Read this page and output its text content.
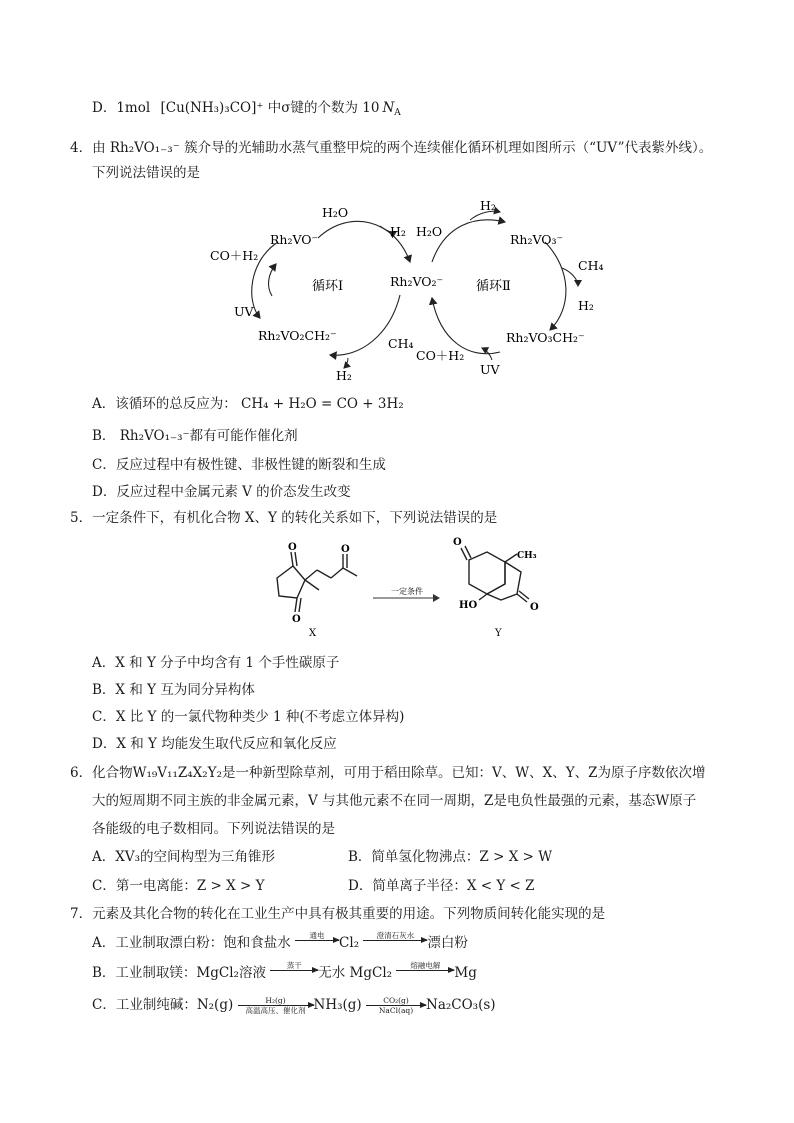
D．1mol [Cu(NH₃)₃CO]⁺ 中σ键的个数为 10 $N_A$
4．由 Rh₂VO₁₋₃⁻ 簇介导的光辅助水蒸气重整甲烷的两个连续催化循环机理如图所示（“UV”代表紫外线）。
下列说法错误的是
Rh₂VO⁻
Rh₂VO₂⁻
Rh₂VO₃⁻
Rh₂VO₂CH₂⁻	Rh₂VO₃CH₂⁻
循环Ⅰ	循环Ⅱ
H₂O
H₂ H₂O
H₂
CO＋H₂
UV
CH₄
H₂
CO＋H₂
UV
CH₄
H₂
A．该循环的总反应为： CH₄ + H₂O = CO + 3H₂
B． Rh₂VO₁₋₃⁻都有可能作催化剂
C．反应过程中有极性键、非极性键的断裂和生成
D．反应过程中金属元素 V 的价态发生改变
5．一定条件下，有机化合物 X、Y 的转化关系如下，下列说法错误的是
O
O
O
X
一定条件
O
CH₃
HO	O
Y
A．X 和 Y 分子中均含有 1 个手性碳原子
B．X 和 Y 互为同分异构体
C．X 比 Y 的一氯代物种类少 1 种(不考虑立体异构)
D．X 和 Y 均能发生取代反应和氧化反应
6．化合物W₁₉V₁₁Z₄X₂Y₂是一种新型除草剂，可用于稻田除草。已知：V、W、X、Y、Z为原子序数依次增
大的短周期不同主族的非金属元素，V 与其他元素不在同一周期，Z是电负性最强的元素，基态W原子
各能级的电子数相同。下列说法错误的是
A．XV₃的空间构型为三角锥形	B．简单氢化物沸点：Z > X > W
C．第一电离能：Z > X > Y	D．简单离子半径：X < Y < Z
7．元素及其化合物的转化在工业生产中具有极其重要的用途。下列物质间转化能实现的是
A．工业制取漂白粉：饱和食盐水	通电
	Cl₂	澄清石灰水
漂白粉
B．工业制取镁：MgCl₂溶液	蒸干
	无水 MgCl₂	熔融电解
	Mg
C．工业制纯碱：N₂(g)	H₂(g)
高温高压、催化剂 NH₃(g)	CO₂(g)
NaCl(aq) Na₂CO₃(s)
